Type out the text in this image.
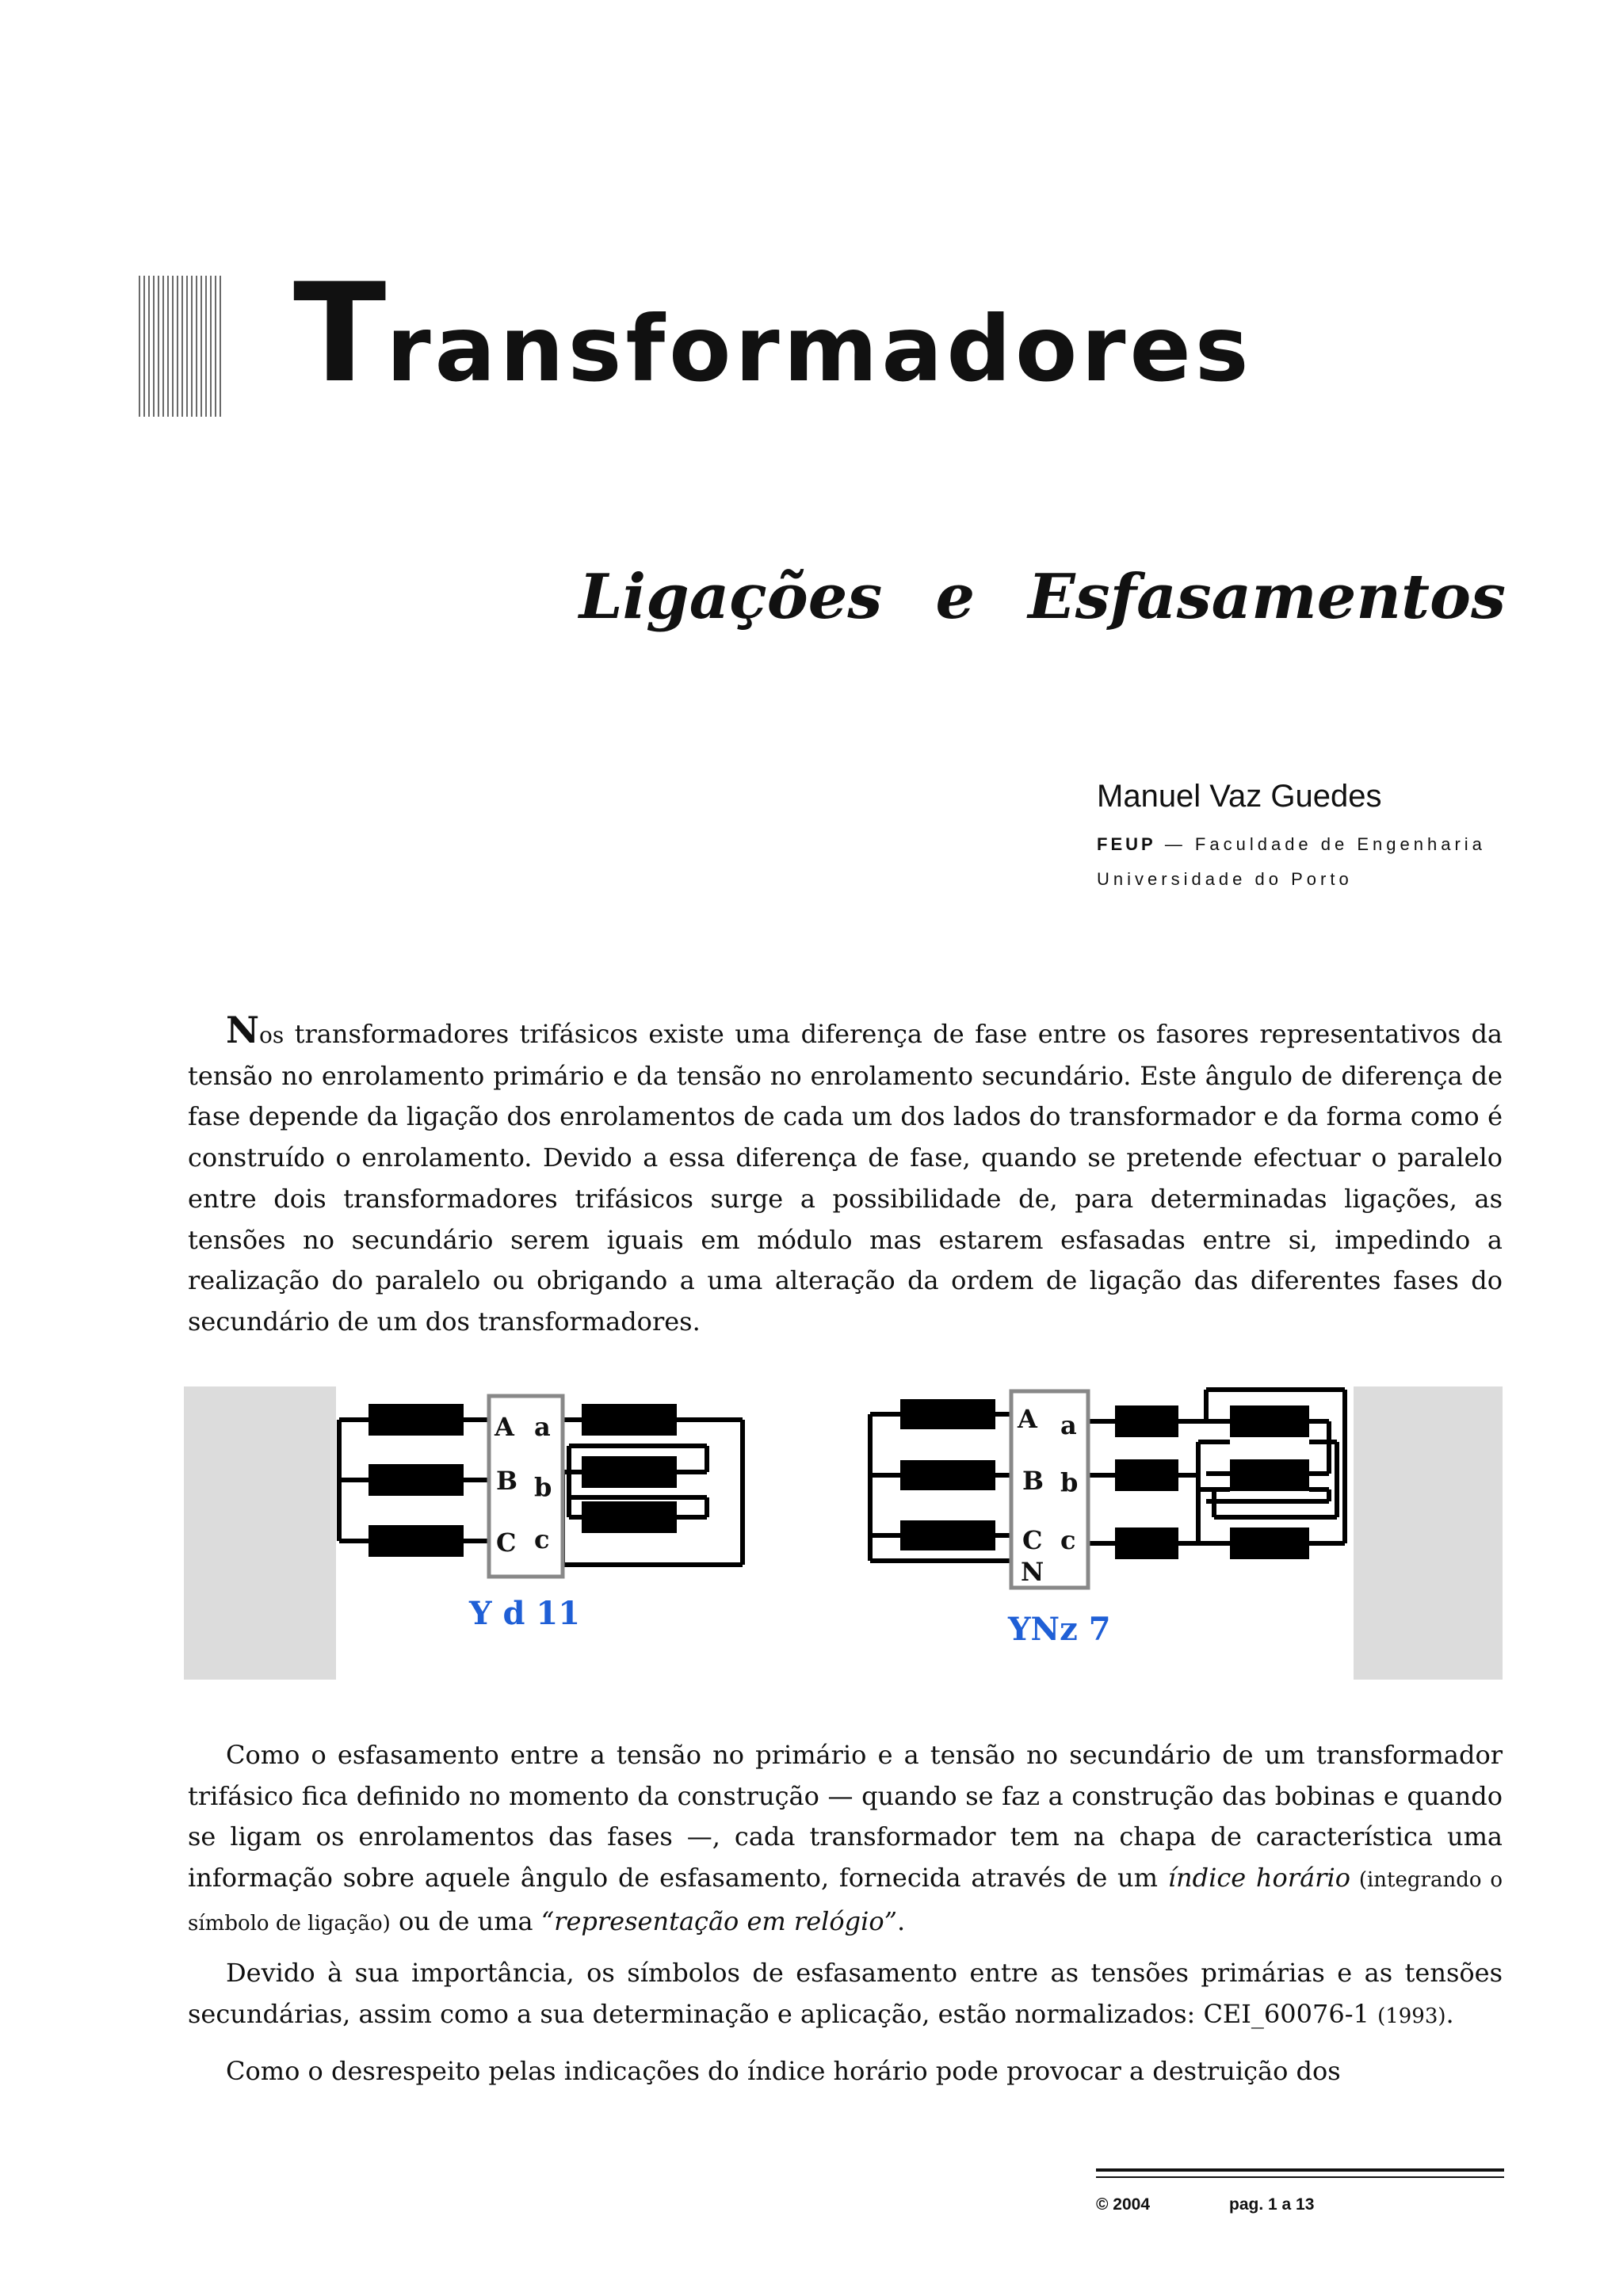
Transformadores
Ligações e Esfasamentos

Manuel Vaz Guedes

FEUP — Faculdade de Engenharia

Universidade do Porto

Nos transformadores trifásicos existe uma diferença de fase entre os fasores representativos da tensão no enrolamento primário e da tensão no enrolamento secundário. Este ângulo de diferença de fase depende da ligação dos enrolamentos de cada um dos lados do transformador e da forma como é construído o enrolamento. Devido a essa diferença de fase, quando se pretende efectuar o paralelo entre dois transformadores trifásicos surge a possibilidade de, para determinadas ligações, as tensões no secundário serem iguais em módulo mas estarem esfasadas entre si, impedindo a realização do paralelo ou obrigando a uma alteração da ordem de ligação das diferentes fases do secundário de um dos transformadores.

A
B
C
a
b
c
Y d 11
A
B
C
N
a
b
c
YNz 7

Como o esfasamento entre a tensão no primário e a tensão no secundário de um transformador trifásico fica definido no momento da construção — quando se faz a construção das bobinas e quando se ligam os enrolamentos das fases —, cada transformador tem na chapa de característica uma informação sobre aquele ângulo de esfasamento, fornecida através de um índice horário (integrando o símbolo de ligação) ou de uma “representação em relógio”.

Devido à sua importância, os símbolos de esfasamento entre as tensões primárias e as tensões secundárias, assim como a sua determinação e aplicação, estão normalizados: CEI_60076-1 (1993).

Como o desrespeito pelas indicações do índice horário pode provocar a destruição dos

© 2004	pag. 1 a 13
